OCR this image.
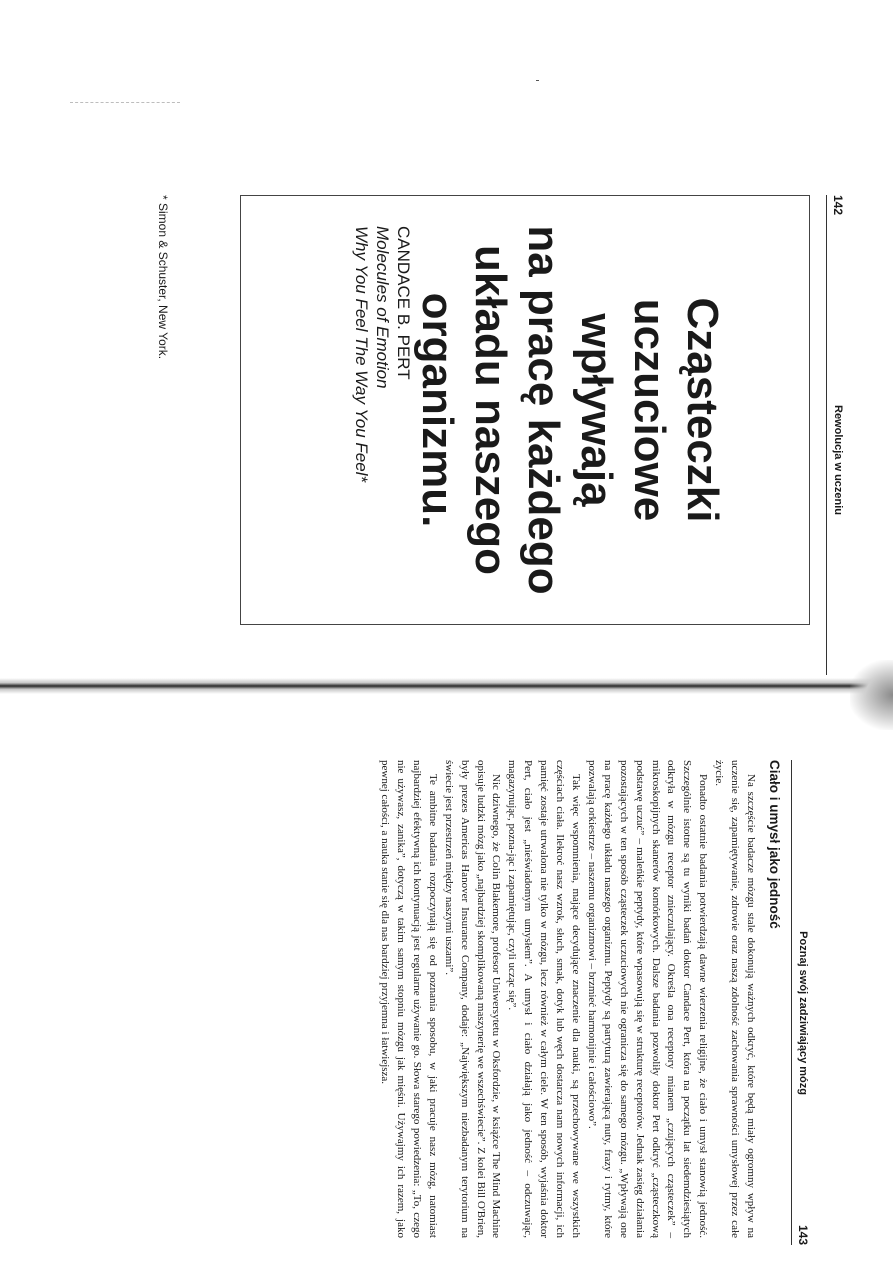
142
Rewolucja w uczeniu
Cząsteczki
uczuciowe
wpływają
na pracę każdego
układu naszego
organizmu.
CANDACE B. PERT
Molecules of Emotion
Why You Feel The Way You Feel*
* Simon & Schuster, New York.
Poznaj swój zadziwiający mózg
143
Ciało i umysł jako jedność

Na szczęście badacze mózgu stale dokonują ważnych odkryć, które będą miały ogromny wpływ na uczenie się, zapamiętywanie, zdrowie oraz naszą zdolność zachowania sprawności umysłowej przez całe życie.

Ponadto ostatnie badania potwierdzają dawne wierzenia religijne, że ciało i umysł stanowią jedność. Szczególnie istotne są tu wyniki badań doktor Candace Pert, która na początku lat siedemdziesiątych odkryła w mózgu receptor znieczulający. Określa ona receptory mianem „czujących cząsteczek” – mikroskopijnych skanerów komórkowych. Dalsze badania pozwoliły doktor Pert odkryć „cząsteczkową podstawę uczuć” – maleńkie peptydy, które wpasowują się w strukturę receptorów. Jednak zasięg działania pozostających w ten sposób cząsteczek uczuciowych nie ogranicza się do samego mózgu. „Wpływają one na pracę każdego układu naszego organizmu. Peptydy są partyturą zawierającą nuty, frazy i rytmy, które pozwalają orkiestrze – naszemu organizmowi – brzmieć harmonijnie i całościowo”.

Tak więc wspomnienia, mające decydujące znaczenie dla nauki, są przechowywane we wszystkich częściach ciała. Ilekroć nasz wzrok, słuch, smak, dotyk lub węch dostarcza nam nowych informacji, ich pamięć zostaje utrwalona nie tylko w mózgu, lecz również w całym ciele. W ten sposób, wyjaśnia doktor Pert, ciało jest „nieświadomym umysłem”. A umysł i ciało działają jako jedność – odczuwając, magazynując, pozna-jąc i zapamiętując, czyli ucząc się”.

Nic dziwnego, że Colin Blakemore, profesor Uniwersytetu w Oksfordzie, w książce The Mind Machine opisuje ludzki mózg jako „najbardziej skomplikowaną maszynerię we wszechświecie”. Z kolei Bill O'Brien, były prezes Americas Hanover Insurance Company, dodaje: „Największym niezbadanym terytorium na świecie jest przestrzeń między naszymi uszami”.

Te ambitne badania rozpoczynają się od poznania sposobu, w jaki pracuje nasz mózg, natomiast najbardziej efektywną ich kontynuacją jest regularne używanie go. Słowa starego powiedzenia: „To, czego nie używasz, zanika”, dotyczą w takim samym stopniu mózgu jak mięśni. Używajmy ich razem, jako pewnej całości, a nauka stanie się dla nas bardziej przyjemna i łatwiejsza.
